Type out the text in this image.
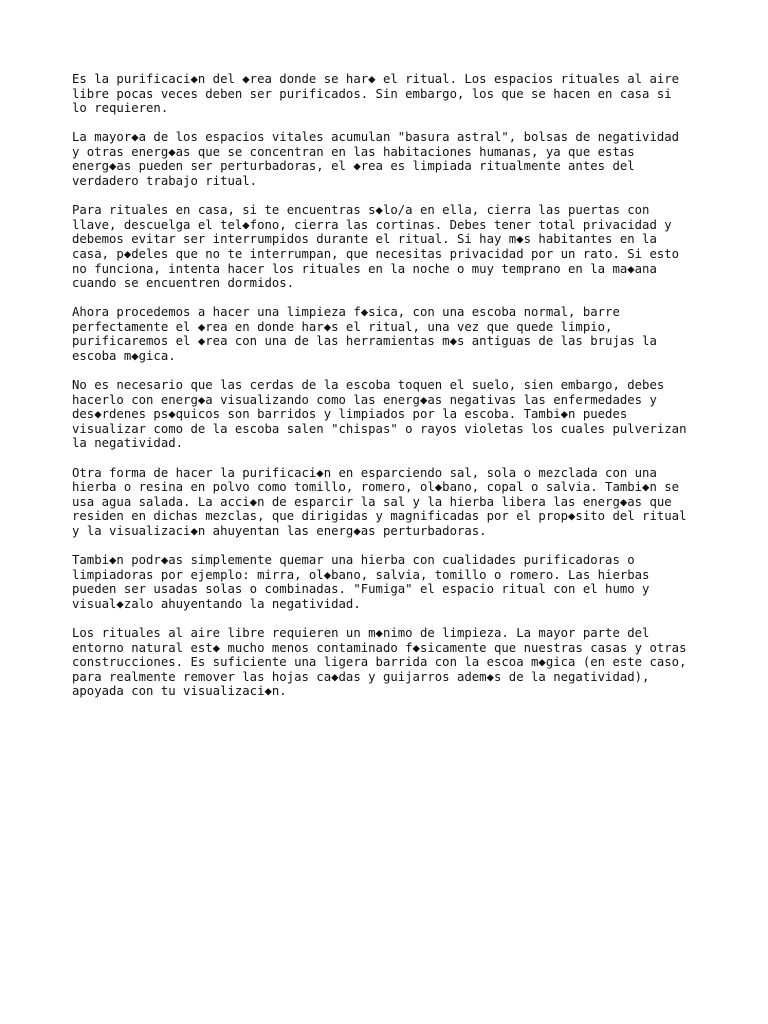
Es la purificaci◆n del ◆rea donde se har◆ el ritual. Los espacios rituales al aire
libre pocas veces deben ser purificados. Sin embargo, los que se hacen en casa si
lo requieren.

La mayor◆a de los espacios vitales acumulan "basura astral", bolsas de negatividad
y otras energ◆as que se concentran en las habitaciones humanas, ya que estas
energ◆as pueden ser perturbadoras, el ◆rea es limpiada ritualmente antes del
verdadero trabajo ritual.

Para rituales en casa, si te encuentras s◆lo/a en ella, cierra las puertas con
llave, descuelga el tel◆fono, cierra las cortinas. Debes tener total privacidad y
debemos evitar ser interrumpidos durante el ritual. Si hay m◆s habitantes en la
casa, p◆deles que no te interrumpan, que necesitas privacidad por un rato. Si esto
no funciona, intenta hacer los rituales en la noche o muy temprano en la ma◆ana
cuando se encuentren dormidos.

Ahora procedemos a hacer una limpieza f◆sica, con una escoba normal, barre
perfectamente el ◆rea en donde har◆s el ritual, una vez que quede limpio,
purificaremos el ◆rea con una de las herramientas m◆s antiguas de las brujas la
escoba m◆gica.

No es necesario que las cerdas de la escoba toquen el suelo, sien embargo, debes
hacerlo con energ◆a visualizando como las energ◆as negativas las enfermedades y
des◆rdenes ps◆quicos son barridos y limpiados por la escoba. Tambi◆n puedes
visualizar como de la escoba salen "chispas" o rayos violetas los cuales pulverizan
la negatividad.

Otra forma de hacer la purificaci◆n en esparciendo sal, sola o mezclada con una
hierba o resina en polvo como tomillo, romero, ol◆bano, copal o salvia. Tambi◆n se
usa agua salada. La acci◆n de esparcir la sal y la hierba libera las energ◆as que
residen en dichas mezclas, que dirigidas y magnificadas por el prop◆sito del ritual
y la visualizaci◆n ahuyentan las energ◆as perturbadoras.

Tambi◆n podr◆as simplemente quemar una hierba con cualidades purificadoras o
limpiadoras por ejemplo: mirra, ol◆bano, salvia, tomillo o romero. Las hierbas
pueden ser usadas solas o combinadas. "Fumiga" el espacio ritual con el humo y
visual◆zalo ahuyentando la negatividad.

Los rituales al aire libre requieren un m◆nimo de limpieza. La mayor parte del
entorno natural est◆ mucho menos contaminado f◆sicamente que nuestras casas y otras
construcciones. Es suficiente una ligera barrida con la escoa m◆gica (en este caso,
para realmente remover las hojas ca◆das y guijarros adem◆s de la negatividad),
apoyada con tu visualizaci◆n.
